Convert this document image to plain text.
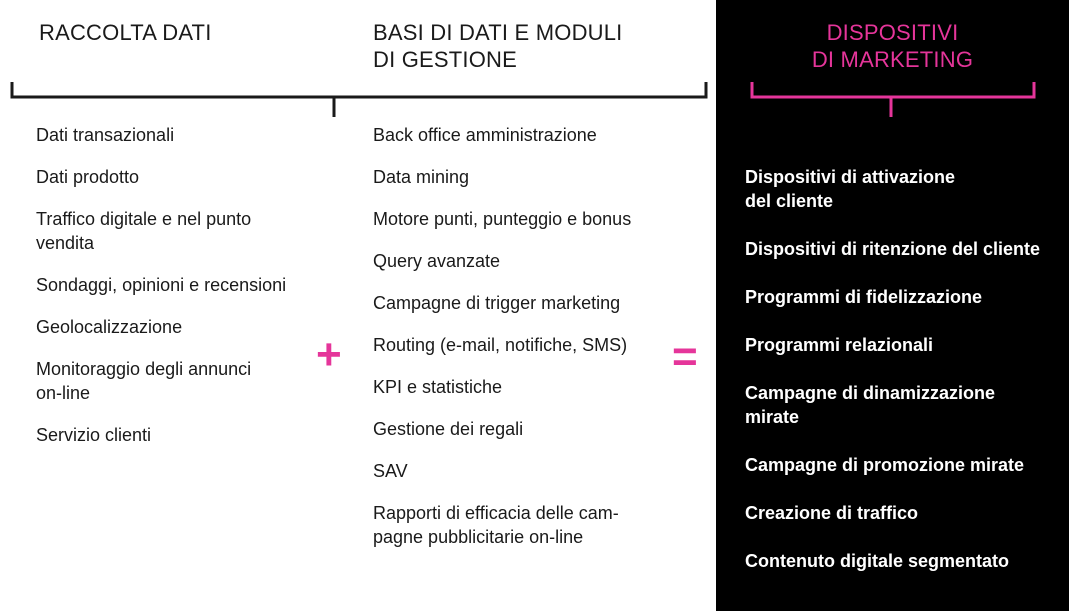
RACCOLTA DATI
Dati transazionali
Dati prodotto
Traffico digitale e nel punto
vendita
Sondaggi, opinioni e recensioni
Geolocalizzazione
Monitoraggio degli annunci
on-line
Servizio clienti
+
BASI DI DATI E MODULI
DI GESTIONE
Back office amministrazione
Data mining
Motore punti, punteggio e bonus
Query avanzate
Campagne di trigger marketing
Routing (e-mail, notifiche, SMS)
KPI e statistiche
Gestione dei regali
SAV
Rapporti di efficacia delle cam-
pagne pubblicitarie on-line
=
DISPOSITIVI
DI MARKETING
Dispositivi di attivazione
del cliente
Dispositivi di ritenzione del cliente
Programmi di fidelizzazione
Programmi relazionali
Campagne di dinamizzazione
mirate
Campagne di promozione mirate
Creazione di traffico
Contenuto digitale segmentato
